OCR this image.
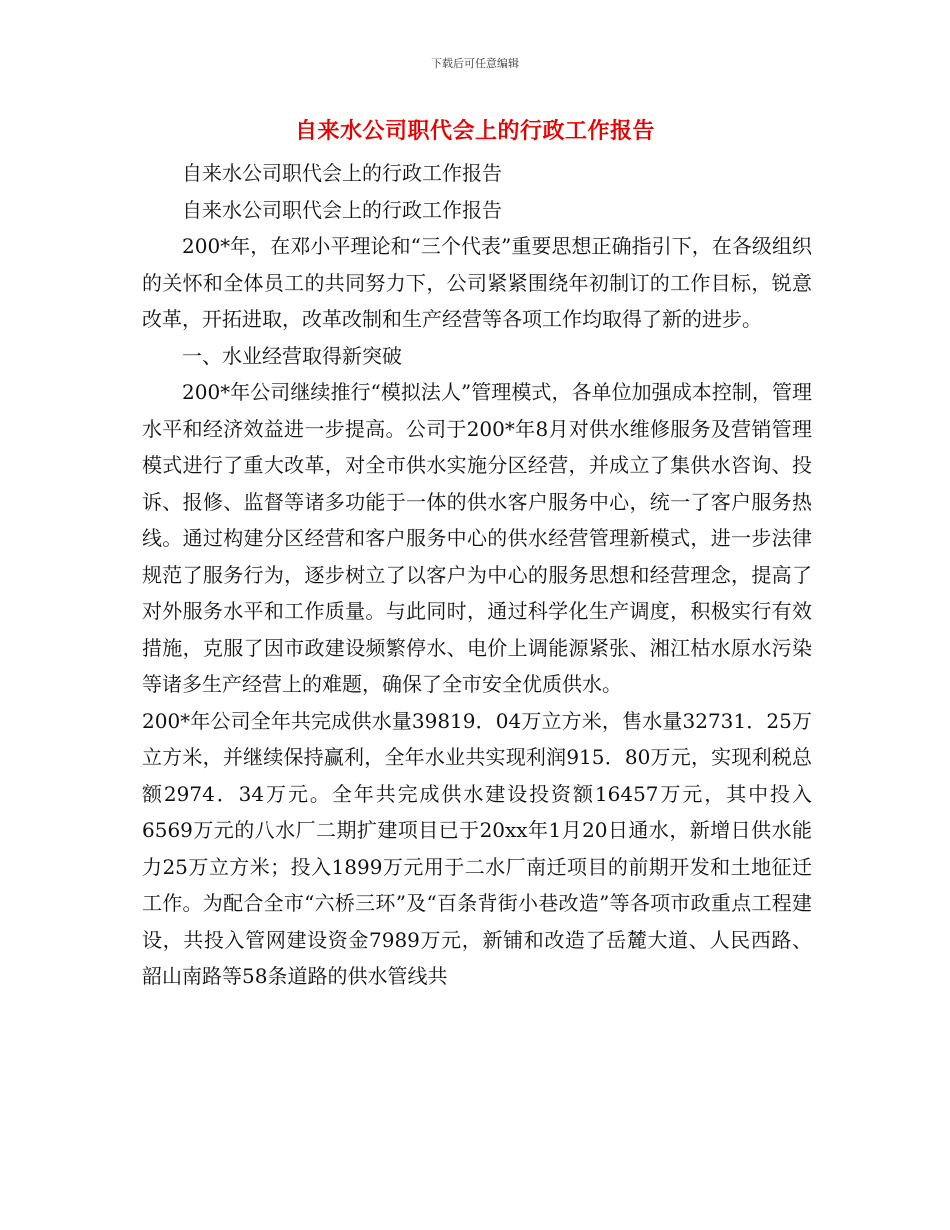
下载后可任意编辑
自来水公司职代会上的行政工作报告

自来水公司职代会上的行政工作报告

自来水公司职代会上的行政工作报告

200*年，在邓小平理论和“三个代表”重要思想正确指引下，在各级组织的关怀和全体员工的共同努力下，公司紧紧围绕年初制订的工作目标，锐意改革，开拓进取，改革改制和生产经营等各项工作均取得了新的进步。

一、水业经营取得新突破

200*年公司继续推行“模拟法人”管理模式，各单位加强成本控制，管理水平和经济效益进一步提高。公司于200*年8月对供水维修服务及营销管理模式进行了重大改革，对全市供水实施分区经营，并成立了集供水咨询、投诉、报修、监督等诸多功能于一体的供水客户服务中心，统一了客户服务热线。通过构建分区经营和客户服务中心的供水经营管理新模式，进一步法律规范了服务行为，逐步树立了以客户为中心的服务思想和经营理念，提高了对外服务水平和工作质量。与此同时，通过科学化生产调度，积极实行有效措施，克服了因市政建设频繁停水、电价上调能源紧张、湘江枯水原水污染等诸多生产经营上的难题，确保了全市安全优质供水。

200*年公司全年共完成供水量39819．04万立方米，售水量32731．25万立方米，并继续保持赢利，全年水业共实现利润915．80万元，实现利税总额2974．34万元。全年共完成供水建设投资额16457万元，其中投入6569万元的八水厂二期扩建项目已于20xx年1月20日通水，新增日供水能力25万立方米；投入1899万元用于二水厂南迁项目的前期开发和土地征迁工作。为配合全市“六桥三环”及“百条背街小巷改造”等各项市政重点工程建设，共投入管网建设资金7989万元，新铺和改造了岳麓大道、人民西路、韶山南路等58条道路的供水管线共
